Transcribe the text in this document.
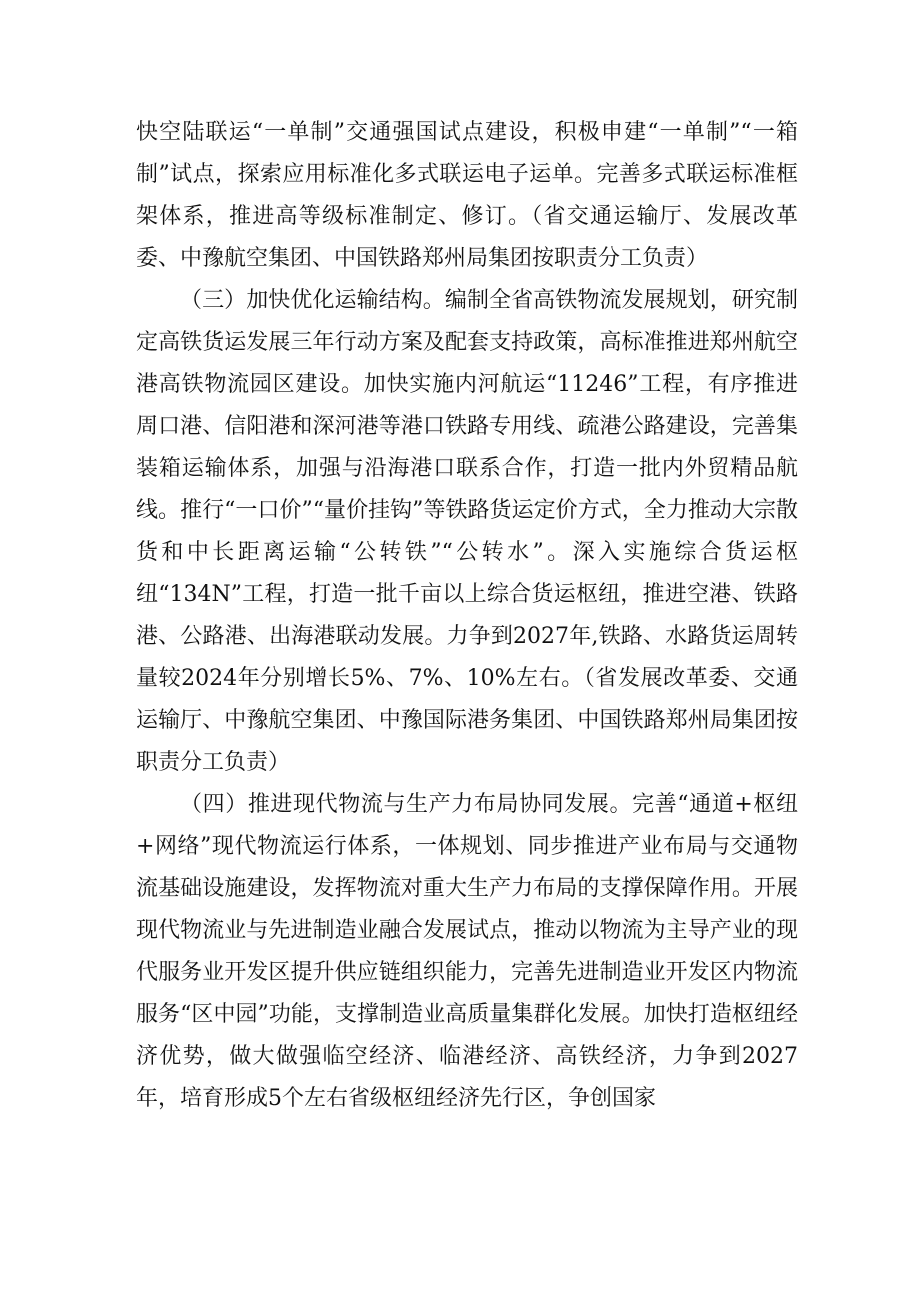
快空陆联运“一单制”交通强国试点建设，积极申建“一单制”“一箱制”试点，探索应用标准化多式联运电子运单。完善多式联运标准框架体系，推进高等级标准制定、修订。（省交通运输厅、发展改革委、中豫航空集团、中国铁路郑州局集团按职责分工负责）

（三）加快优化运输结构。编制全省高铁物流发展规划，研究制定高铁货运发展三年行动方案及配套支持政策，高标准推进郑州航空港高铁物流园区建设。加快实施内河航运“11246”工程，有序推进周口港、信阳港和深河港等港口铁路专用线、疏港公路建设，完善集装箱运输体系，加强与沿海港口联系合作，打造一批内外贸精品航线。推行“一口价”“量价挂钩”等铁路货运定价方式，全力推动大宗散货和中长距离运输“公转铁”“公转水”。深入实施综合货运枢纽“134N”工程，打造一批千亩以上综合货运枢纽，推进空港、铁路港、公路港、出海港联动发展。力争到2027年,铁路、水路货运周转量较2024年分别增长5%、7%、10%左右。（省发展改革委、交通运输厅、中豫航空集团、中豫国际港务集团、中国铁路郑州局集团按职责分工负责）

（四）推进现代物流与生产力布局协同发展。完善“通道+枢纽+网络”现代物流运行体系，一体规划、同步推进产业布局与交通物流基础设施建设，发挥物流对重大生产力布局的支撑保障作用。开展现代物流业与先进制造业融合发展试点，推动以物流为主导产业的现代服务业开发区提升供应链组织能力，完善先进制造业开发区内物流服务“区中园”功能，支撑制造业高质量集群化发展。加快打造枢纽经济优势，做大做强临空经济、临港经济、高铁经济，力争到2027年，培育形成5个左右省级枢纽经济先行区，争创国家
